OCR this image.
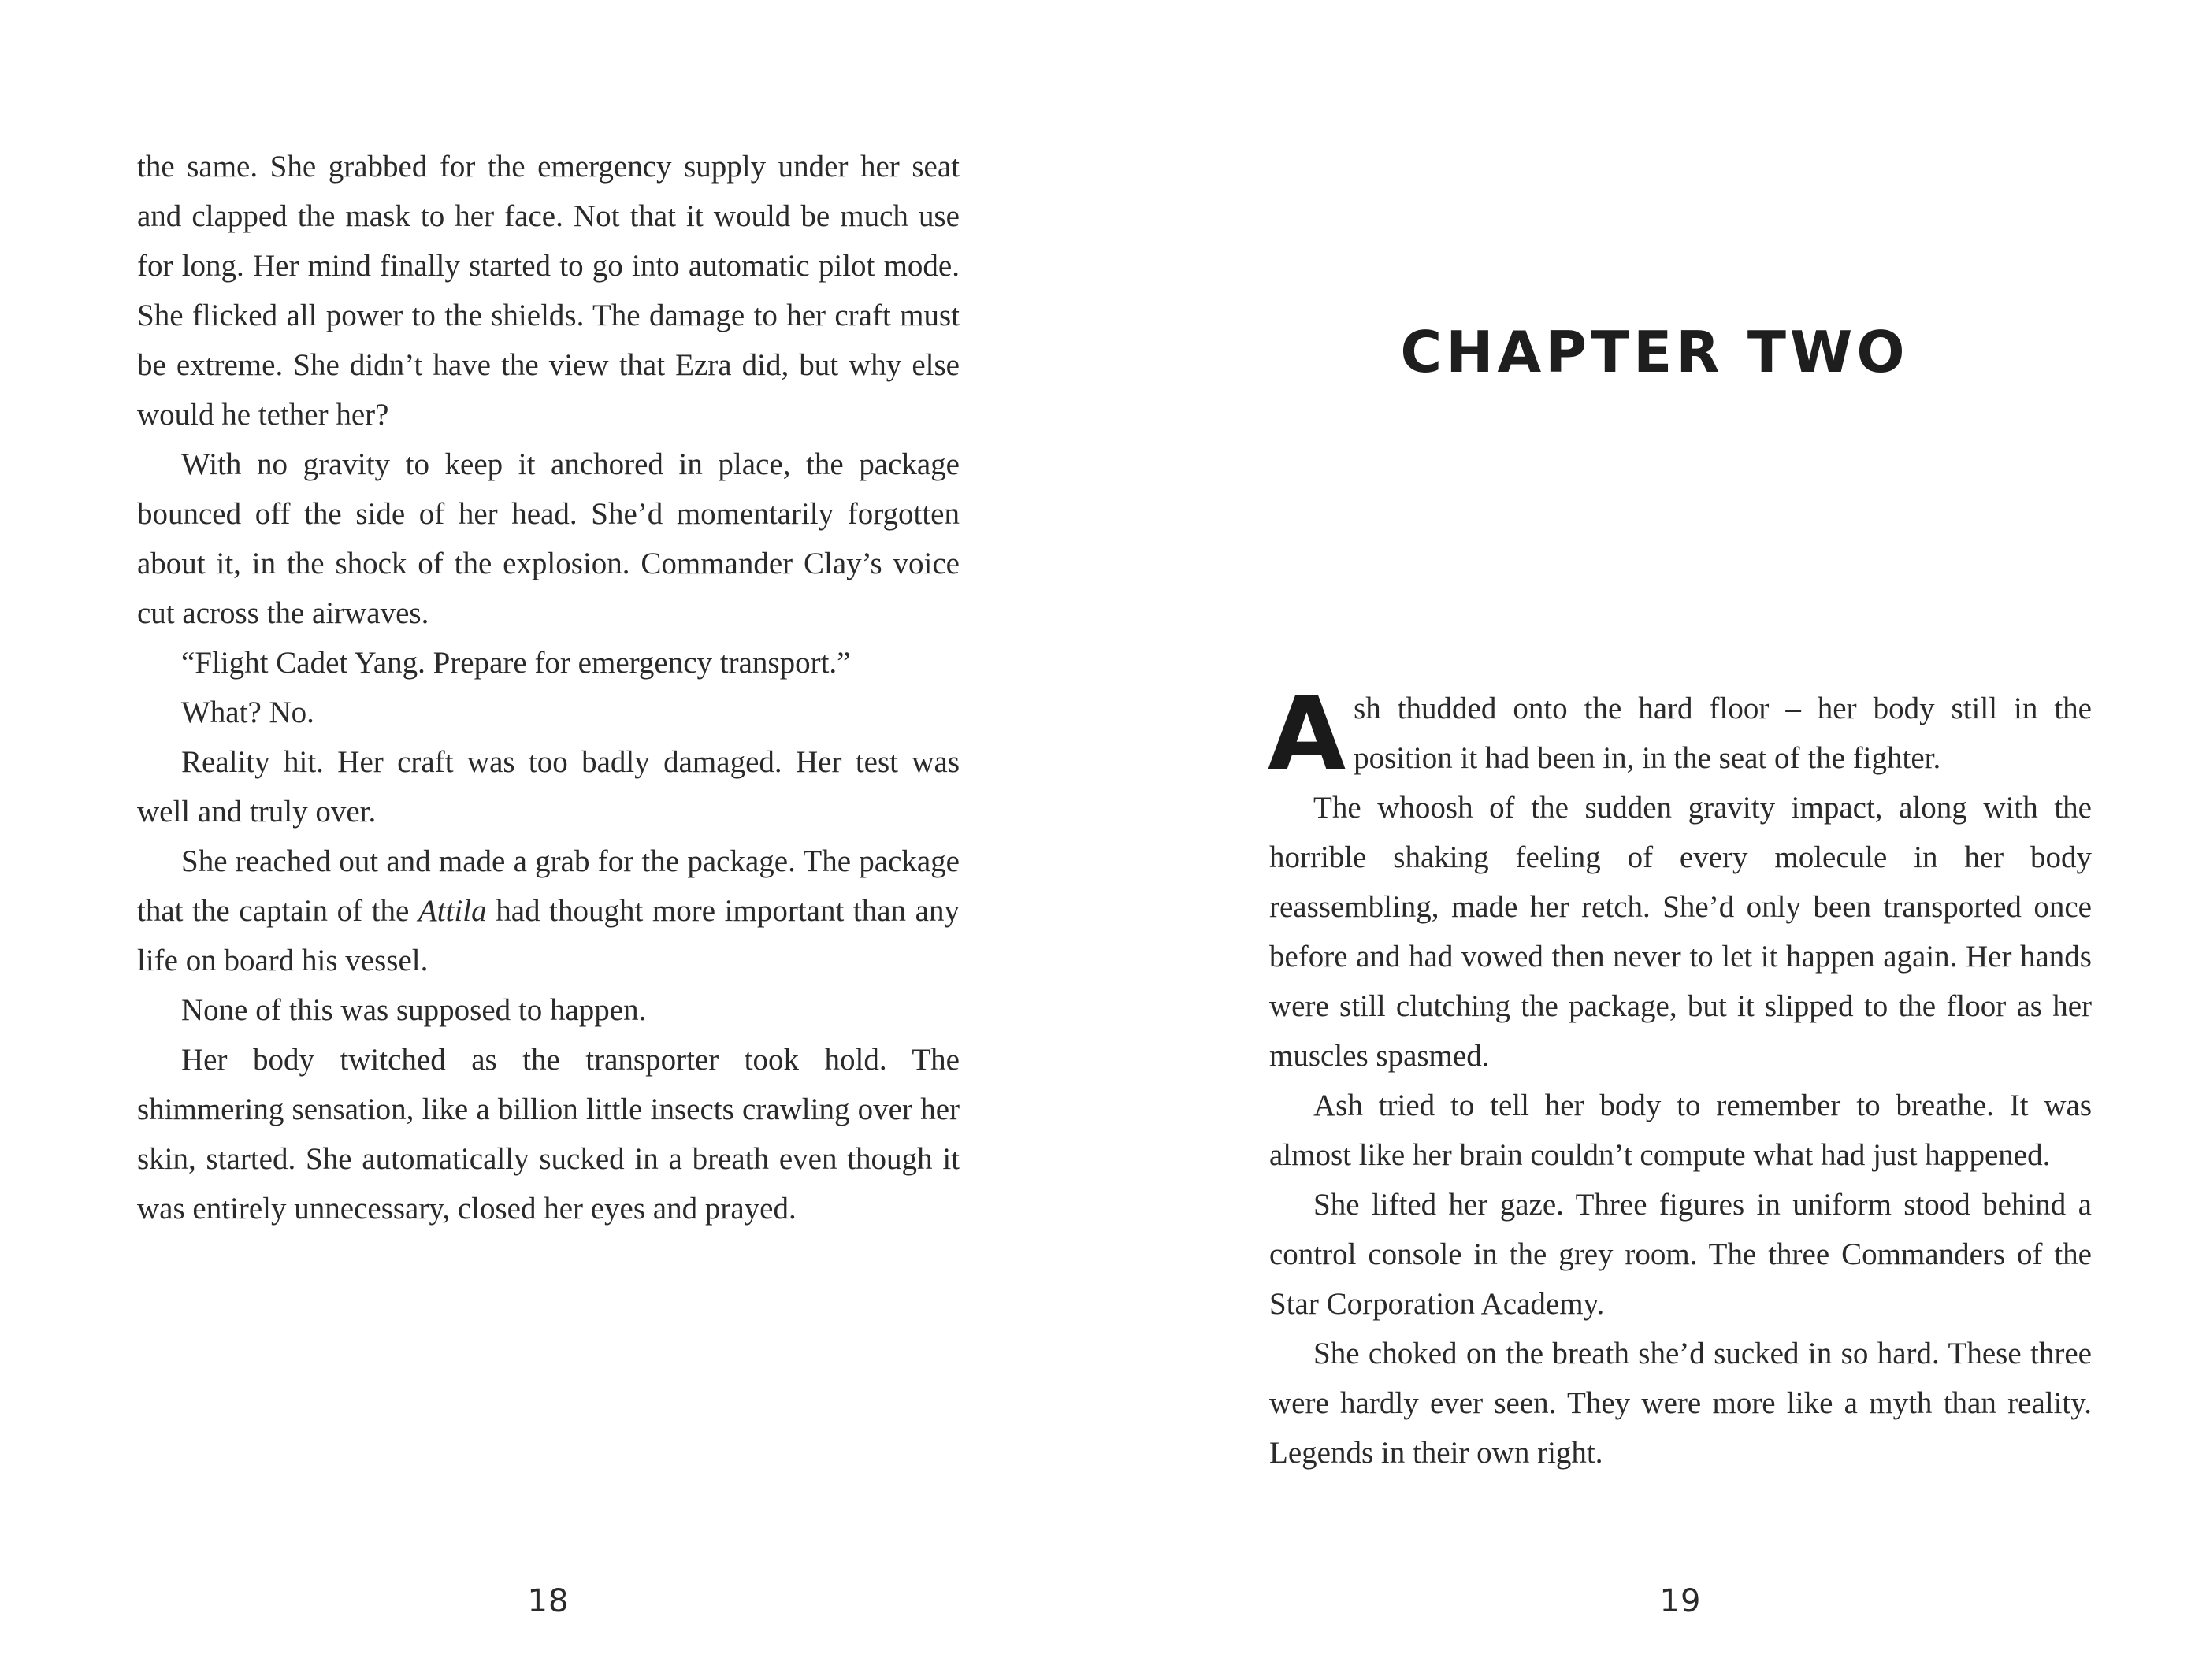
the same. She grabbed for the emergency supply under her seat and clapped the mask to her face. Not that it would be much use for long. Her mind finally started to go into automatic pilot mode. She flicked all power to the shields. The damage to her craft must be extreme. She didn’t have the view that Ezra did, but why else would he tether her?

With no gravity to keep it anchored in place, the package bounced off the side of her head. She’d momentarily forgotten about it, in the shock of the explosion. Commander Clay’s voice cut across the airwaves.

“Flight Cadet Yang. Prepare for emergency transport.”

What? No.

Reality hit. Her craft was too badly damaged. Her test was well and truly over.

She reached out and made a grab for the package. The package that the captain of the Attila had thought more important than any life on board his vessel.

None of this was supposed to happen.

Her body twitched as the transporter took hold. The shimmering sensation, like a billion little insects crawling over her skin, started. She automatically sucked in a breath even though it was entirely unnecessary, closed her eyes and prayed.

18
CHAPTER TWO

Ash thudded onto the hard floor – her body still in the position it had been in, in the seat of the fighter.

The whoosh of the sudden gravity impact, along with the horrible shaking feeling of every molecule in her body reassembling, made her retch. She’d only been transported once before and had vowed then never to let it happen again. Her hands were still clutching the package, but it slipped to the floor as her muscles spasmed.

Ash tried to tell her body to remember to breathe. It was almost like her brain couldn’t compute what had just happened.

She lifted her gaze. Three figures in uniform stood behind a control console in the grey room. The three Commanders of the Star Corporation Academy.

She choked on the breath she’d sucked in so hard. These three were hardly ever seen. They were more like a myth than reality. Legends in their own right.

19
